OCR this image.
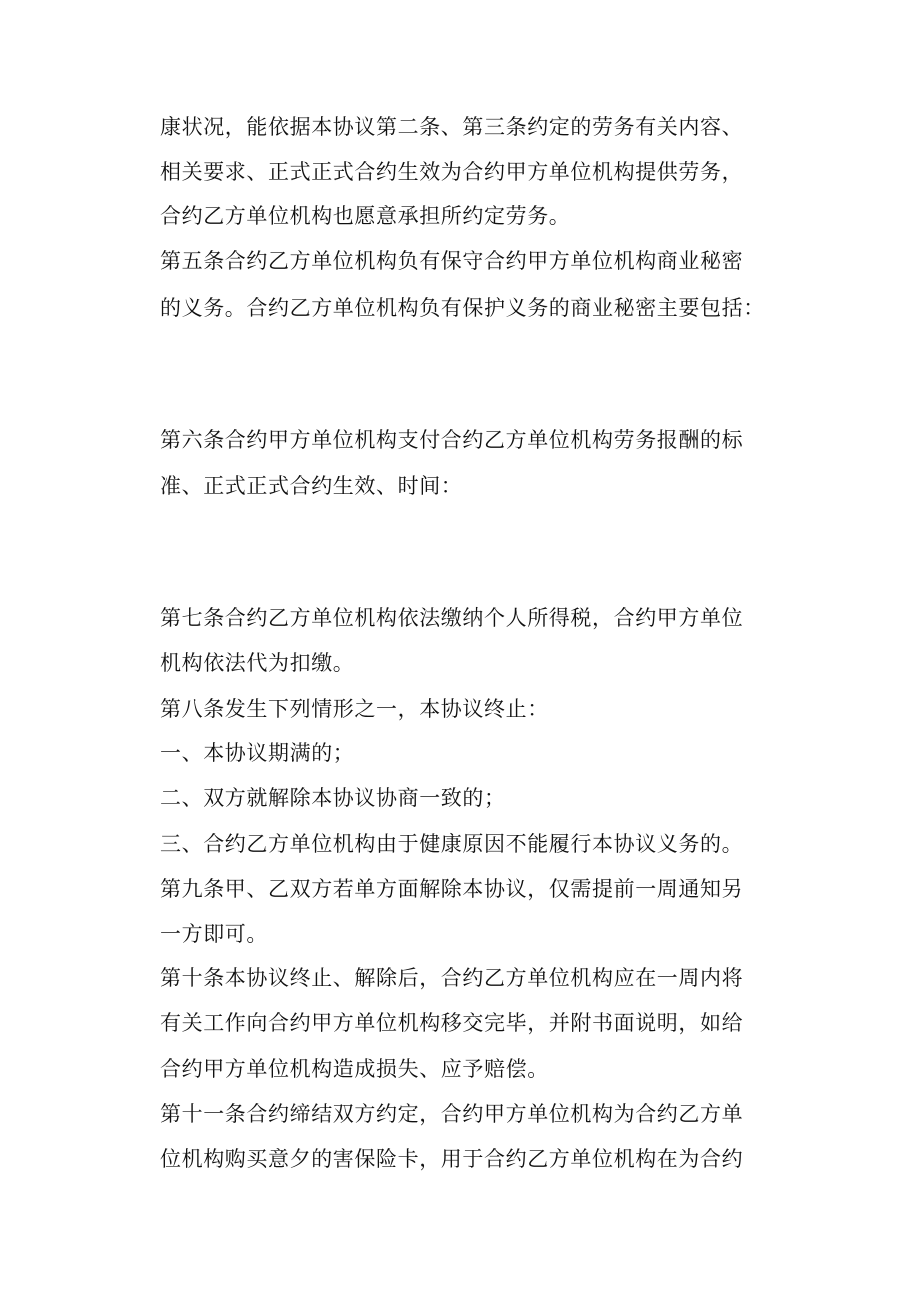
康状况，能依据本协议第二条、第三条约定的劳务有关内容、

相关要求、正式正式合约生效为合约甲方单位机构提供劳务，

合约乙方单位机构也愿意承担所约定劳务。

第五条合约乙方单位机构负有保守合约甲方单位机构商业秘密

的义务。合约乙方单位机构负有保护义务的商业秘密主要包括：

第六条合约甲方单位机构支付合约乙方单位机构劳务报酬的标

准、正式正式合约生效、时间：

第七条合约乙方单位机构依法缴纳个人所得税，合约甲方单位

机构依法代为扣缴。

第八条发生下列情形之一，本协议终止：

一、本协议期满的；

二、双方就解除本协议协商一致的；

三、合约乙方单位机构由于健康原因不能履行本协议义务的。

第九条甲、乙双方若单方面解除本协议，仅需提前一周通知另

一方即可。

第十条本协议终止、解除后，合约乙方单位机构应在一周内将

有关工作向合约甲方单位机构移交完毕，并附书面说明，如给

合约甲方单位机构造成损失、应予赔偿。

第十一条合约缔结双方约定，合约甲方单位机构为合约乙方单

位机构购买意夕的害保险卡，用于合约乙方单位机构在为合约
